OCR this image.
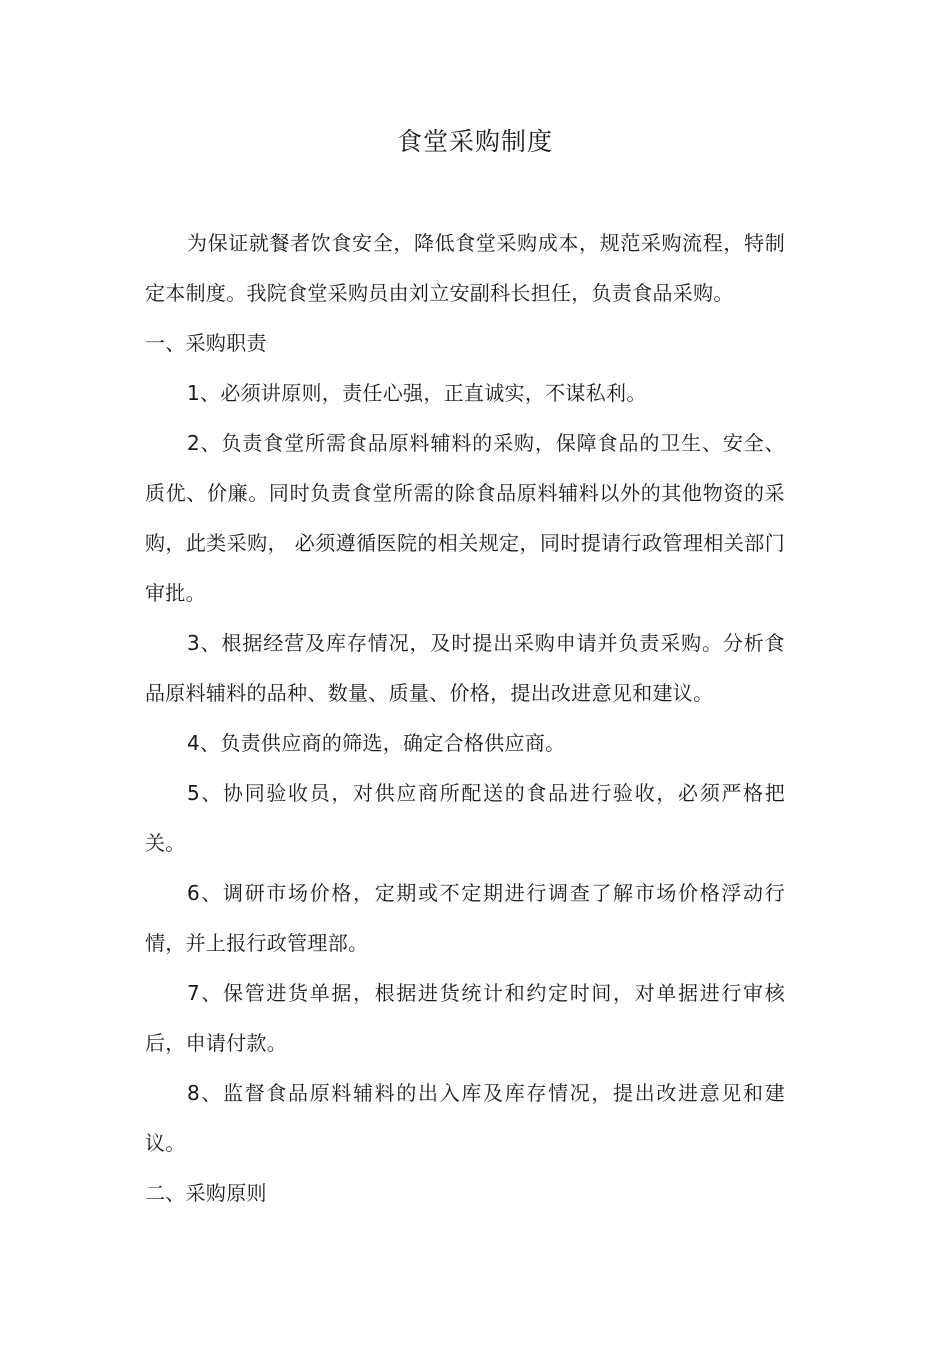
食堂采购制度

为保证就餐者饮食安全，降低食堂采购成本，规范采购流程，特制定本制度。我院食堂采购员由刘立安副科长担任，负责食品采购。

一、采购职责

1、必须讲原则，责任心强，正直诚实，不谋私利。

2、负责食堂所需食品原料辅料的采购，保障食品的卫生、安全、质优、价廉。同时负责食堂所需的除食品原料辅料以外的其他物资的采购，此类采购， 必须遵循医院的相关规定，同时提请行政管理相关部门审批。

3、根据经营及库存情况，及时提出采购申请并负责采购。分析食品原料辅料的品种、数量、质量、价格，提出改进意见和建议。

4、负责供应商的筛选，确定合格供应商。

5、协同验收员，对供应商所配送的食品进行验收，必须严格把关。

6、调研市场价格，定期或不定期进行调查了解市场价格浮动行情，并上报行政管理部。

7、保管进货单据，根据进货统计和约定时间，对单据进行审核后，申请付款。

8、监督食品原料辅料的出入库及库存情况，提出改进意见和建议。

二、采购原则
